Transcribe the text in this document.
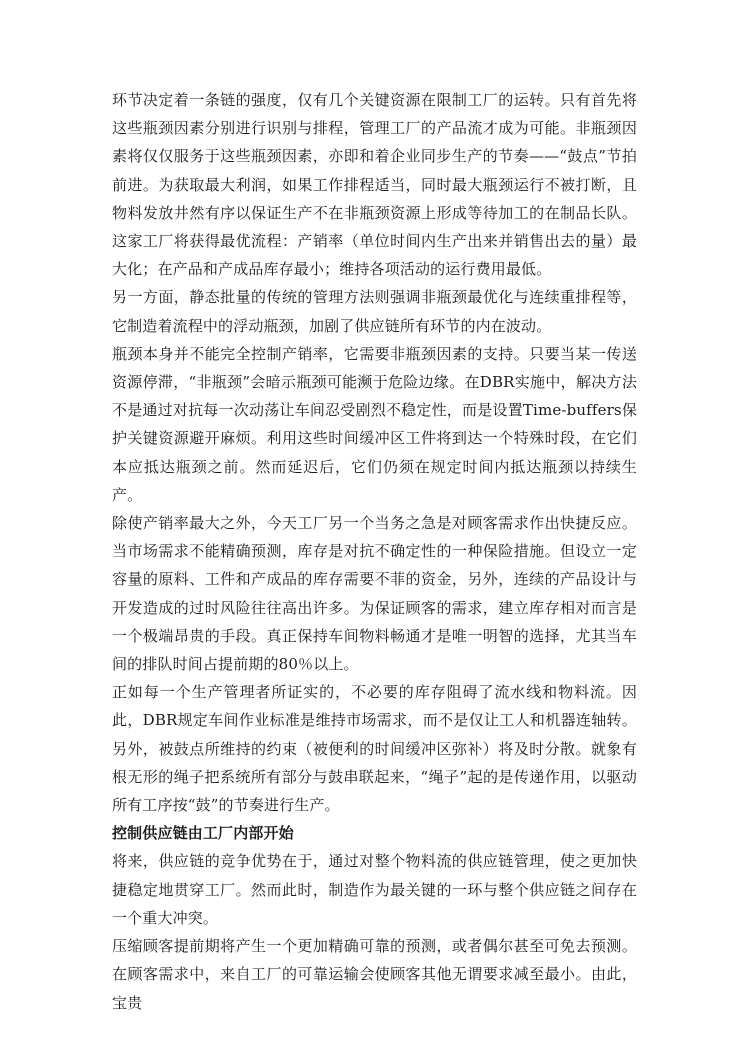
环节决定着一条链的强度，仅有几个关键资源在限制工厂的运转。只有首先将这些瓶颈因素分别进行识别与排程，管理工厂的产品流才成为可能。非瓶颈因素将仅仅服务于这些瓶颈因素，亦即和着企业同步生产的节奏——“鼓点”节拍前进。为获取最大利润，如果工作排程适当，同时最大瓶颈运行不被打断，且物料发放井然有序以保证生产不在非瓶颈资源上形成等待加工的在制品长队。这家工厂将获得最优流程：产销率（单位时间内生产出来并销售出去的量）最大化；在产品和产成品库存最小；维持各项活动的运行费用最低。

另一方面，静态批量的传统的管理方法则强调非瓶颈最优化与连续重排程等，它制造着流程中的浮动瓶颈，加剧了供应链所有环节的内在波动。

瓶颈本身并不能完全控制产销率，它需要非瓶颈因素的支持。只要当某一传送资源停滞，“非瓶颈”会暗示瓶颈可能濒于危险边缘。在DBR实施中，解决方法不是通过对抗每一次动荡让车间忍受剧烈不稳定性，而是设置Time-buffers保护关键资源避开麻烦。利用这些时间缓冲区工件将到达一个特殊时段，在它们本应抵达瓶颈之前。然而延迟后，它们仍须在规定时间内抵达瓶颈以持续生产。

除使产销率最大之外，今天工厂另一个当务之急是对顾客需求作出快捷反应。当市场需求不能精确预测，库存是对抗不确定性的一种保险措施。但设立一定容量的原料、工件和产成品的库存需要不菲的资金，另外，连续的产品设计与开发造成的过时风险往往高出许多。为保证顾客的需求，建立库存相对而言是一个极端昂贵的手段。真正保持车间物料畅通才是唯一明智的选择，尤其当车间的排队时间占提前期的80％以上。

正如每一个生产管理者所证实的，不必要的库存阻碍了流水线和物料流。因此，DBR规定车间作业标准是维持市场需求，而不是仅让工人和机器连轴转。另外，被鼓点所维持的约束（被便利的时间缓冲区弥补）将及时分散。就象有根无形的绳子把系统所有部分与鼓串联起来，“绳子”起的是传递作用，以驱动所有工序按“鼓”的节奏进行生产。

控制供应链由工厂内部开始

将来，供应链的竞争优势在于，通过对整个物料流的供应链管理，使之更加快捷稳定地贯穿工厂。然而此时，制造作为最关键的一环与整个供应链之间存在一个重大冲突。

压缩顾客提前期将产生一个更加精确可靠的预测，或者偶尔甚至可免去预测。在顾客需求中，来自工厂的可靠运输会使顾客其他无谓要求减至最小。由此，宝贵
